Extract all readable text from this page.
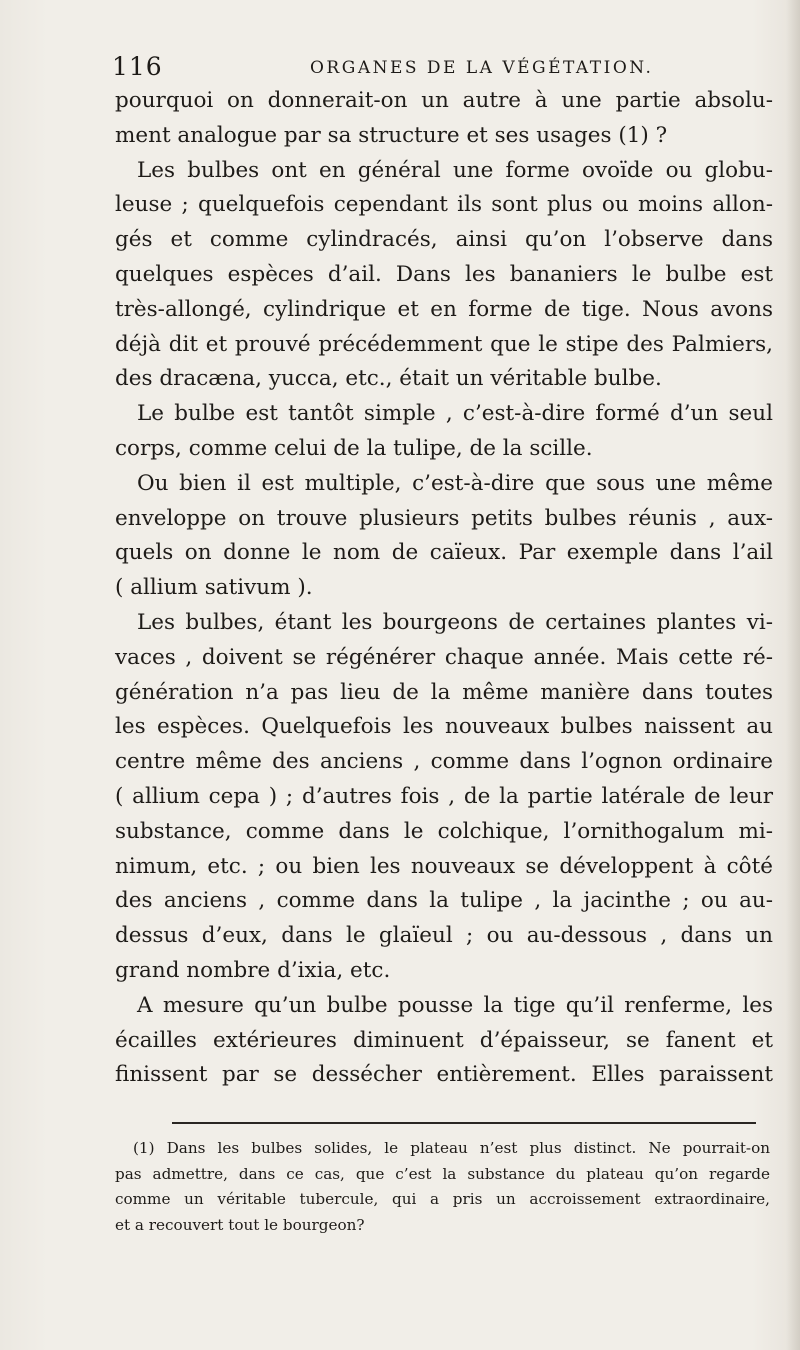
116	ORGANES DE LA VÉGÉTATION.
pourquoi on donnerait-on un autre à une partie absolu-
ment analogue par sa structure et ses usages (1) ?
Les bulbes ont en général une forme ovoïde ou globu-
leuse ; quelquefois cependant ils sont plus ou moins allon-
gés et comme cylindracés, ainsi qu’on l’observe dans
quelques espèces d’ail. Dans les bananiers le bulbe est
très-allongé, cylindrique et en forme de tige. Nous avons
déjà dit et prouvé précédemment que le stipe des Palmiers,
des dracæna, yucca, etc., était un véritable bulbe.
Le bulbe est tantôt simple , c’est-à-dire formé d’un seul
corps, comme celui de la tulipe, de la scille.
Ou bien il est multiple, c’est-à-dire que sous une même
enveloppe on trouve plusieurs petits bulbes réunis , aux-
quels on donne le nom de caïeux. Par exemple dans l’ail
( allium sativum ).
Les bulbes, étant les bourgeons de certaines plantes vi-
vaces , doivent se régénérer chaque année. Mais cette ré-
génération n’a pas lieu de la même manière dans toutes
les espèces. Quelquefois les nouveaux bulbes naissent au
centre même des anciens , comme dans l’ognon ordinaire
( allium cepa ) ; d’autres fois , de la partie latérale de leur
substance, comme dans le colchique, l’ornithogalum mi-
nimum, etc. ; ou bien les nouveaux se développent à côté
des anciens , comme dans la tulipe , la jacinthe ; ou au-
dessus d’eux, dans le glaïeul ; ou au-dessous , dans un
grand nombre d’ixia, etc.
A mesure qu’un bulbe pousse la tige qu’il renferme, les
écailles extérieures diminuent d’épaisseur, se fanent et
finissent par se dessécher entièrement. Elles paraissent
(1) Dans les bulbes solides, le plateau n’est plus distinct. Ne pourrait-on
pas admettre, dans ce cas, que c’est la substance du plateau qu’on regarde
comme un véritable tubercule, qui a pris un accroissement extraordinaire,
et a recouvert tout le bourgeon?
